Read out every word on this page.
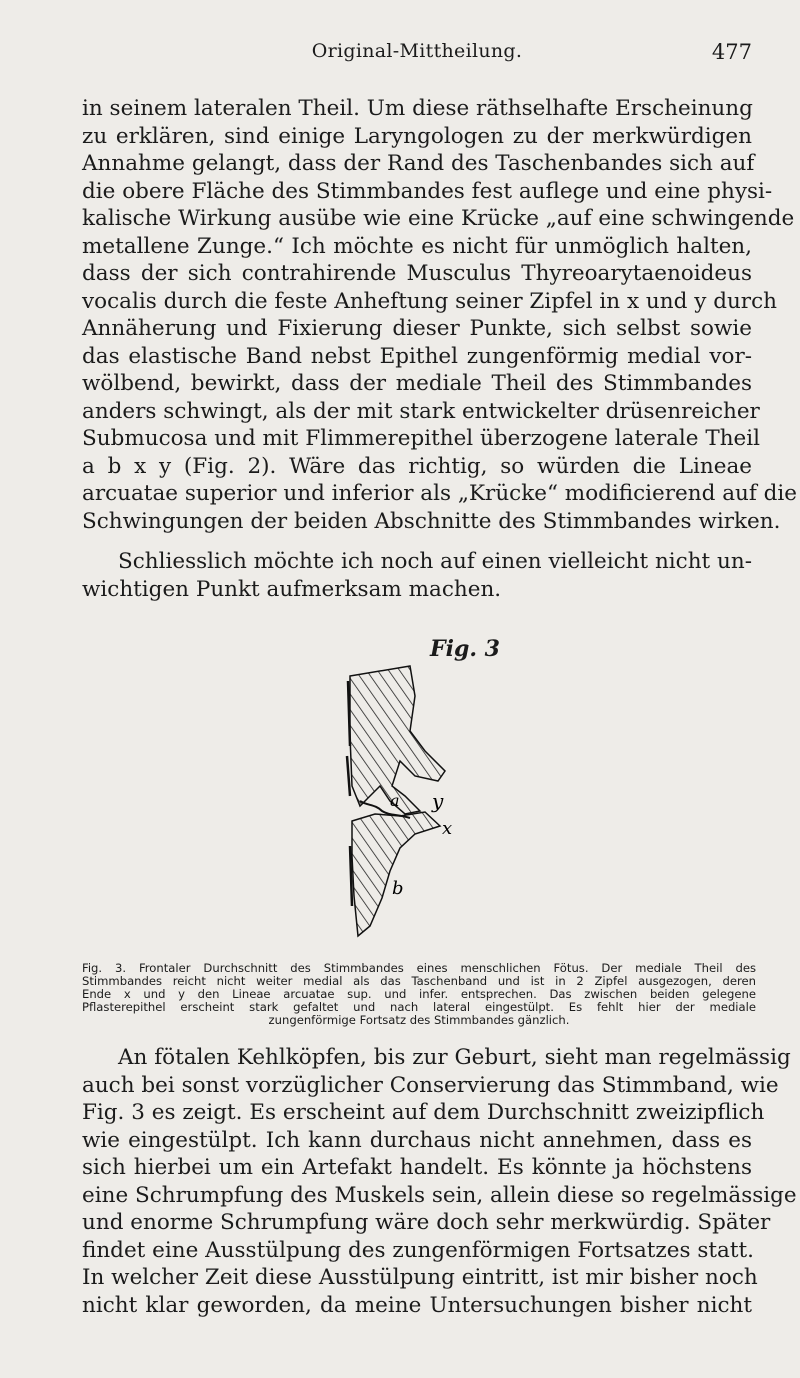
Original-Mittheilung.	477
in seinem lateralen Theil. Um diese räthselhafte Erscheinung
zu erklären, sind einige Laryngologen zu der merkwürdigen
Annahme gelangt, dass der Rand des Taschenbandes sich auf
die obere Fläche des Stimmbandes fest auflege und eine physi-
kalische Wirkung ausübe wie eine Krücke „auf eine schwingende
metallene Zunge.“ Ich möchte es nicht für unmöglich halten,
dass der sich contrahirende Musculus Thyreoarytaenoideus
vocalis durch die feste Anheftung seiner Zipfel in x und y durch
Annäherung und Fixierung dieser Punkte, sich selbst sowie
das elastische Band nebst Epithel zungenförmig medial vor-
wölbend, bewirkt, dass der mediale Theil des Stimmbandes
anders schwingt, als der mit stark entwickelter drüsenreicher
Submucosa und mit Flimmerepithel überzogene laterale Theil
a b x y (Fig. 2). Wäre das richtig, so würden die Lineae
arcuatae superior und inferior als „Krücke“ modificierend auf die
Schwingungen der beiden Abschnitte des Stimmbandes wirken.
Schliesslich möchte ich noch auf einen vielleicht nicht un-
wichtigen Punkt aufmerksam machen.
Fig. 3
a y
x
b
Fig. 3. Frontaler Durchschnitt des Stimmbandes eines menschlichen Fötus. Der mediale Theil des
Stimmbandes reicht nicht weiter medial als das Taschenband und ist in 2 Zipfel ausgezogen, deren
Ende x und y den Lineae arcuatae sup. und infer. entsprechen. Das zwischen beiden gelegene
Pflasterepithel erscheint stark gefaltet und nach lateral eingestülpt. Es fehlt hier der mediale
zungenförmige Fortsatz des Stimmbandes gänzlich.
An fötalen Kehlköpfen, bis zur Geburt, sieht man regelmässig
auch bei sonst vorzüglicher Conservierung das Stimmband, wie
Fig. 3 es zeigt. Es erscheint auf dem Durchschnitt zweizipflich
wie eingestülpt. Ich kann durchaus nicht annehmen, dass es
sich hierbei um ein Artefakt handelt. Es könnte ja höchstens
eine Schrumpfung des Muskels sein, allein diese so regelmässige
und enorme Schrumpfung wäre doch sehr merkwürdig. Später
findet eine Ausstülpung des zungenförmigen Fortsatzes statt.
In welcher Zeit diese Ausstülpung eintritt, ist mir bisher noch
nicht klar geworden, da meine Untersuchungen bisher nicht
